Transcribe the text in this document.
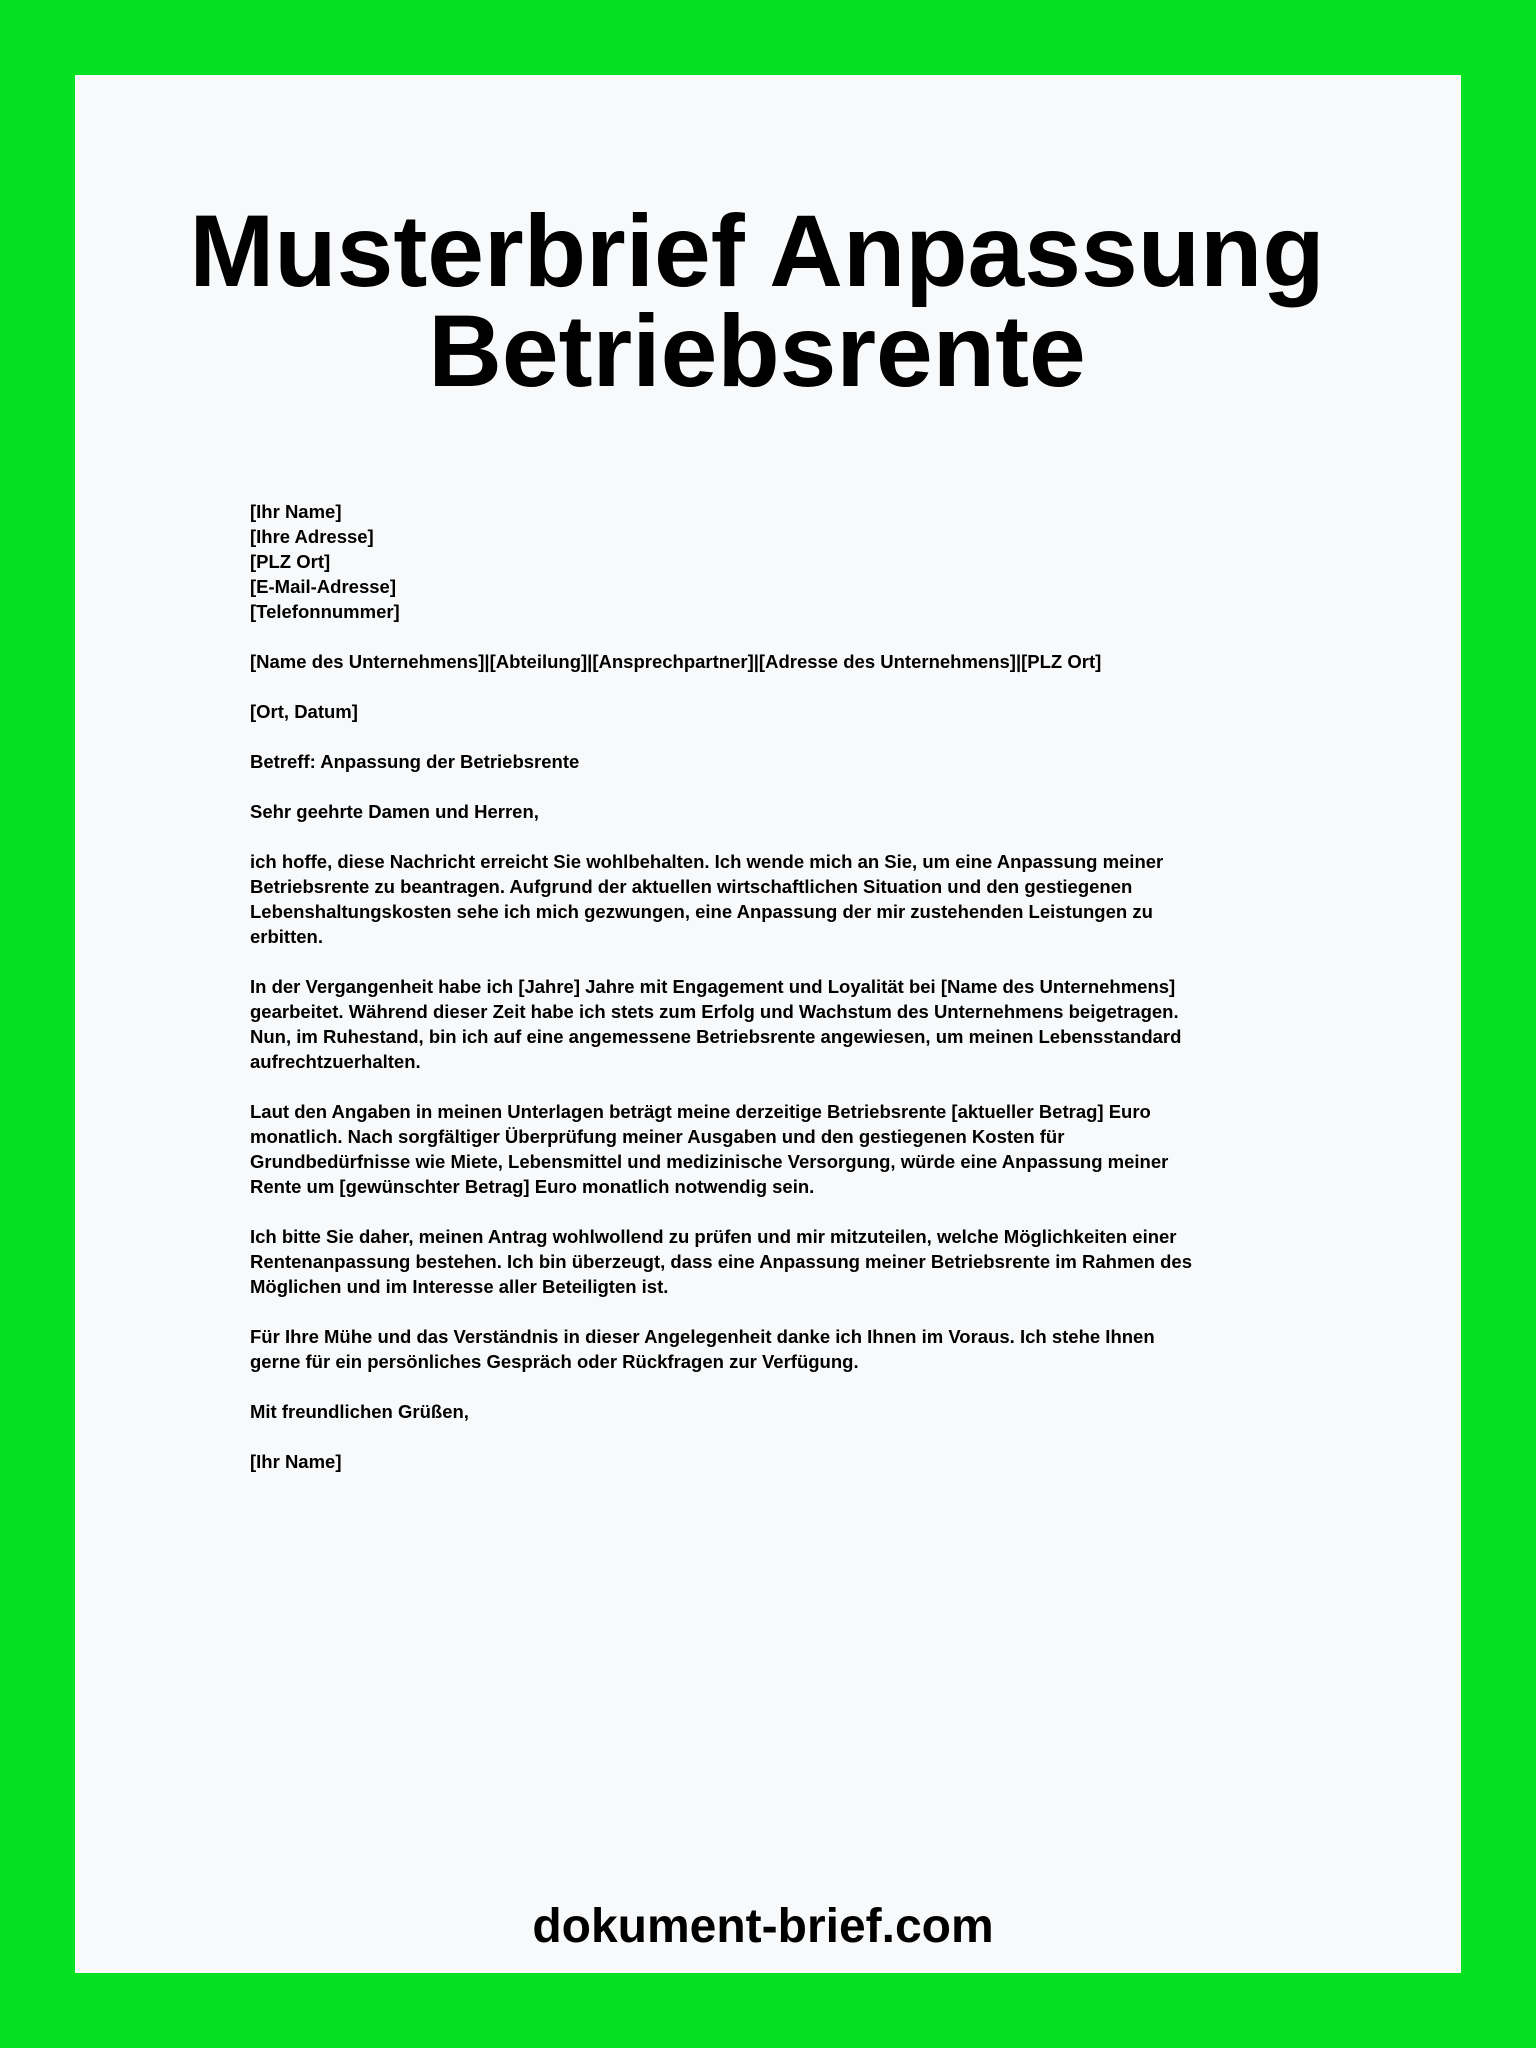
Musterbrief Anpassung
Betriebsrente
[Ihr Name]
[Ihre Adresse]
[PLZ Ort]
[E-Mail-Adresse]
[Telefonnummer]
[Name des Unternehmens]|[Abteilung]|[Ansprechpartner]|[Adresse des Unternehmens]|[PLZ Ort]
[Ort, Datum]
Betreff: Anpassung der Betriebsrente
Sehr geehrte Damen und Herren,
ich hoffe, diese Nachricht erreicht Sie wohlbehalten. Ich wende mich an Sie, um eine Anpassung meiner
Betriebsrente zu beantragen. Aufgrund der aktuellen wirtschaftlichen Situation und den gestiegenen
Lebenshaltungskosten sehe ich mich gezwungen, eine Anpassung der mir zustehenden Leistungen zu
erbitten.
In der Vergangenheit habe ich [Jahre] Jahre mit Engagement und Loyalität bei [Name des Unternehmens]
gearbeitet. Während dieser Zeit habe ich stets zum Erfolg und Wachstum des Unternehmens beigetragen.
Nun, im Ruhestand, bin ich auf eine angemessene Betriebsrente angewiesen, um meinen Lebensstandard
aufrechtzuerhalten.
Laut den Angaben in meinen Unterlagen beträgt meine derzeitige Betriebsrente [aktueller Betrag] Euro
monatlich. Nach sorgfältiger Überprüfung meiner Ausgaben und den gestiegenen Kosten für
Grundbedürfnisse wie Miete, Lebensmittel und medizinische Versorgung, würde eine Anpassung meiner
Rente um [gewünschter Betrag] Euro monatlich notwendig sein.
Ich bitte Sie daher, meinen Antrag wohlwollend zu prüfen und mir mitzuteilen, welche Möglichkeiten einer
Rentenanpassung bestehen. Ich bin überzeugt, dass eine Anpassung meiner Betriebsrente im Rahmen des
Möglichen und im Interesse aller Beteiligten ist.
Für Ihre Mühe und das Verständnis in dieser Angelegenheit danke ich Ihnen im Voraus. Ich stehe Ihnen
gerne für ein persönliches Gespräch oder Rückfragen zur Verfügung.
Mit freundlichen Grüßen,
[Ihr Name]
dokument-brief.com
